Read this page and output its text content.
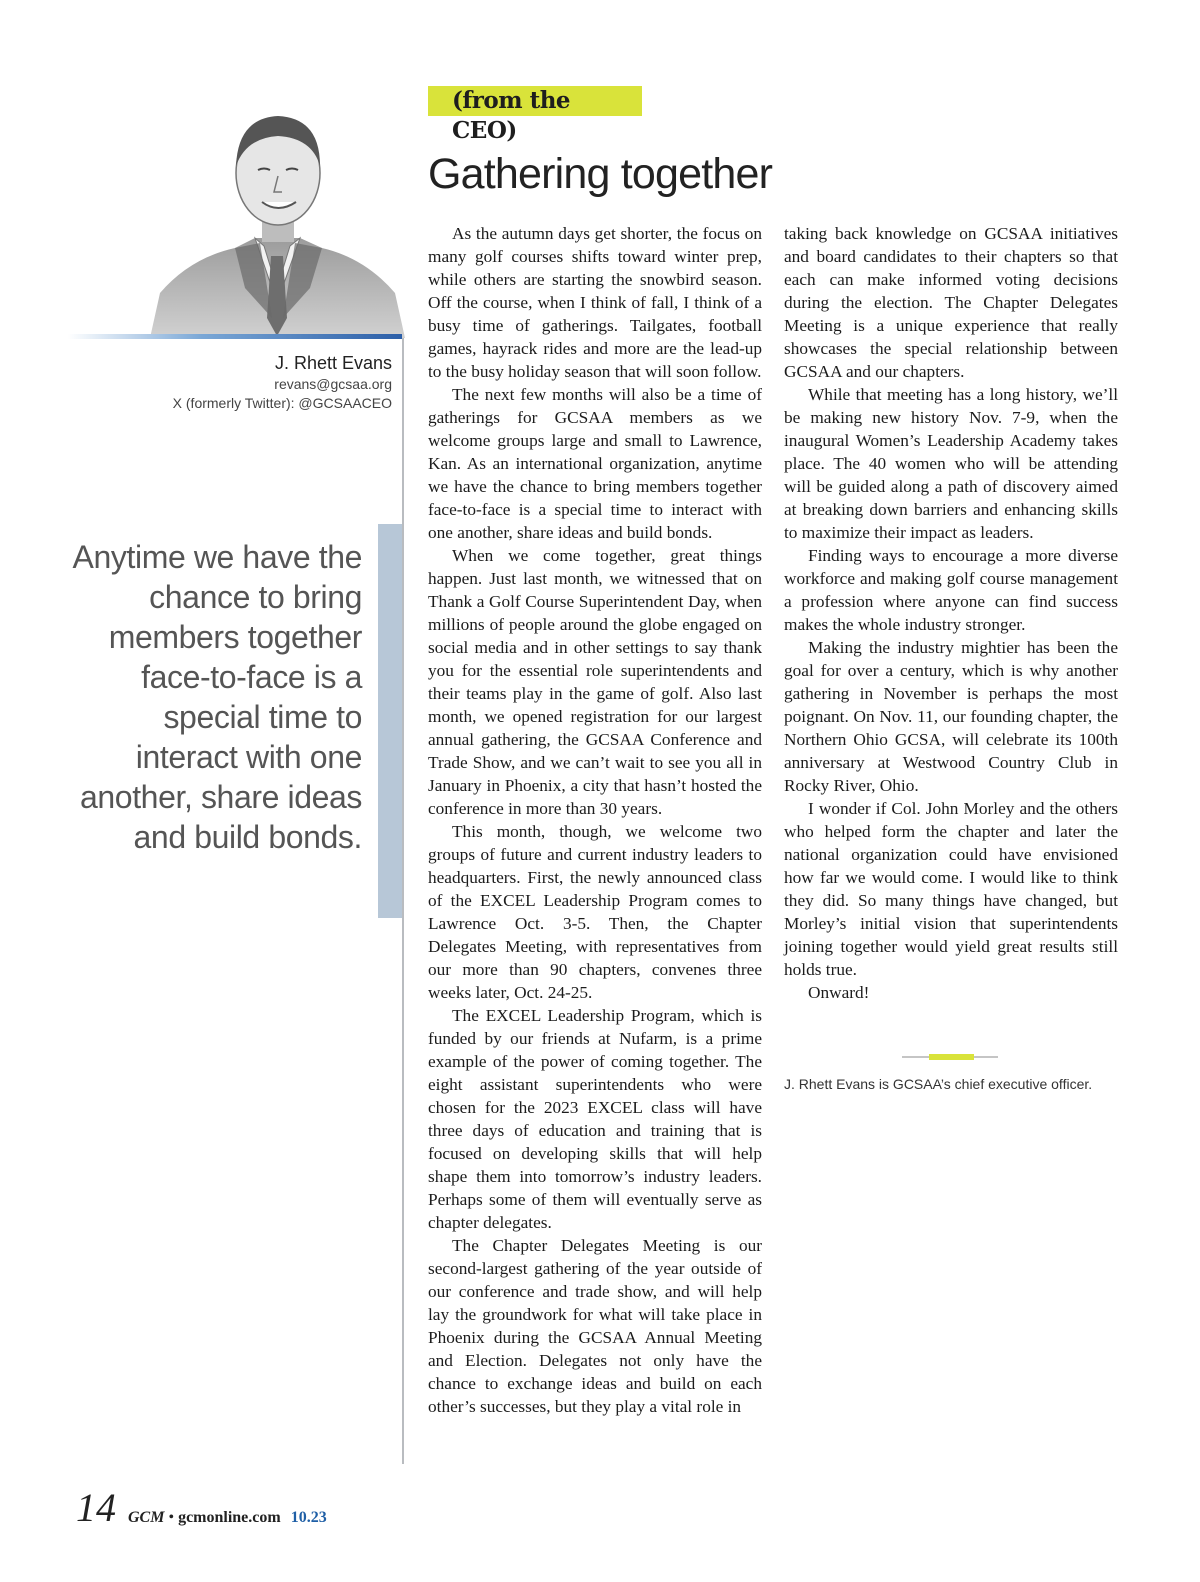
(from the CEO)
Gathering together
J. Rhett Evans
revans@gcsaa.org
X (formerly Twitter): @GCSAACEO
Anytime we have the chance to bring members together face-to-face is a special time to interact with one another, share ideas and build bonds.

As the autumn days get shorter, the focus on many golf courses shifts toward winter prep, while others are starting the snowbird season. Off the course, when I think of fall, I think of a busy time of gatherings. Tailgates, football games, hayrack rides and more are the lead-up to the busy holiday season that will soon follow.

The next few months will also be a time of gatherings for GCSAA members as we welcome groups large and small to Lawrence, Kan. As an international organization, anytime we have the chance to bring members together face-to-face is a special time to interact with one another, share ideas and build bonds.

When we come together, great things happen. Just last month, we witnessed that on Thank a Golf Course Superintendent Day, when millions of people around the globe engaged on social media and in other settings to say thank you for the essential role superintendents and their teams play in the game of golf. Also last month, we opened registration for our largest annual gathering, the GCSAA Conference and Trade Show, and we can’t wait to see you all in January in Phoenix, a city that hasn’t hosted the conference in more than 30 years.

This month, though, we welcome two groups of future and current industry leaders to headquarters. First, the newly announced class of the EXCEL Leadership Program comes to Lawrence Oct. 3-5. Then, the Chapter Delegates Meeting, with representatives from our more than 90 chapters, convenes three weeks later, Oct. 24-25.

The EXCEL Leadership Program, which is funded by our friends at Nufarm, is a prime example of the power of coming together. The eight assistant superintendents who were chosen for the 2023 EXCEL class will have three days of education and training that is focused on developing skills that will help shape them into tomorrow’s industry leaders. Perhaps some of them will eventually serve as chapter delegates.

The Chapter Delegates Meeting is our second-largest gathering of the year outside of our conference and trade show, and will help lay the groundwork for what will take place in Phoenix during the GCSAA Annual Meeting and Election. Delegates not only have the chance to exchange ideas and build on each other’s successes, but they play a vital role in

taking back knowledge on GCSAA initiatives and board candidates to their chapters so that each can make informed voting decisions during the election. The Chapter Delegates Meeting is a unique experience that really showcases the special relationship between GCSAA and our chapters.

While that meeting has a long history, we’ll be making new history Nov. 7-9, when the inaugural Women’s Leadership Academy takes place. The 40 women who will be attending will be guided along a path of discovery aimed at breaking down barriers and enhancing skills to maximize their impact as leaders.

Finding ways to encourage a more diverse workforce and making golf course management a profession where anyone can find success makes the whole industry stronger.

Making the industry mightier has been the goal for over a century, which is why another gathering in November is perhaps the most poignant. On Nov. 11, our founding chapter, the Northern Ohio GCSA, will celebrate its 100th anniversary at Westwood Country Club in Rocky River, Ohio.

I wonder if Col. John Morley and the others who helped form the chapter and later the national organization could have envisioned how far we would come. I would like to think they did. So many things have changed, but Morley’s initial vision that superintendents joining together would yield great results still holds true.

Onward!

J. Rhett Evans is GCSAA’s chief executive officer.
14 GCM • gcmonline.com 10.23
